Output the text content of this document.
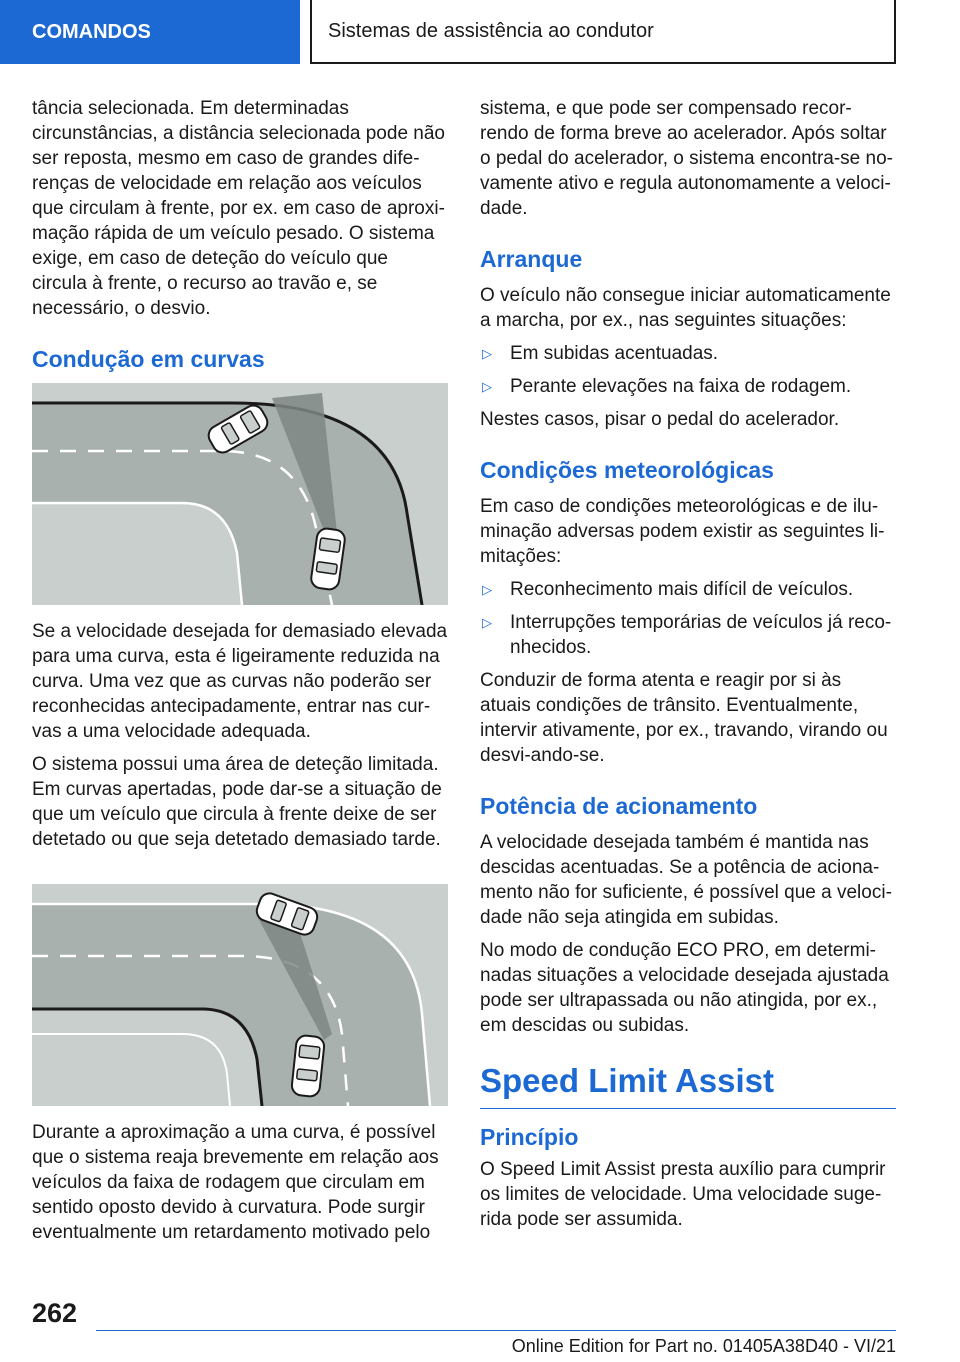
COMANDOS	Sistemas de assistência ao condutor

tância selecionada. Em determinadas circunstâncias, a distância selecionada pode não ser reposta, mesmo em caso de grandes dife-renças de velocidade em relação aos veículos que circulam à frente, por ex. em caso de aproxi-mação rápida de um veículo pesado. O sistema exige, em caso de deteção do veículo que circula à frente, o recurso ao travão e, se necessário, o desvio.

Condução em curvas

Se a velocidade desejada for demasiado elevada para uma curva, esta é ligeiramente reduzida na curva. Uma vez que as curvas não poderão ser reconhecidas antecipadamente, entrar nas cur-vas a uma velocidade adequada.

O sistema possui uma área de deteção limitada. Em curvas apertadas, pode dar-se a situação de que um veículo que circula à frente deixe de ser detetado ou que seja detetado demasiado tarde.

Durante a aproximação a uma curva, é possível que o sistema reaja brevemente em relação aos veículos da faixa de rodagem que circulam em sentido oposto devido à curvatura. Pode surgir eventualmente um retardamento motivado pelo

sistema, e que pode ser compensado recor-rendo de forma breve ao acelerador. Após soltar o pedal do acelerador, o sistema encontra-se no-vamente ativo e regula autonomamente a veloci-dade.

Arranque

O veículo não consegue iniciar automaticamente a marcha, por ex., nas seguintes situações:

▷ Em subidas acentuadas.
▷ Perante elevações na faixa de rodagem.

Nestes casos, pisar o pedal do acelerador.

Condições meteorológicas

Em caso de condições meteorológicas e de ilu-minação adversas podem existir as seguintes li-mitações:

▷ Reconhecimento mais difícil de veículos.
▷ Interrupções temporárias de veículos já reco-nhecidos.

Conduzir de forma atenta e reagir por si às atuais condições de trânsito. Eventualmente, intervir ativamente, por ex., travando, virando ou desvi-ando-se.

Potência de acionamento

A velocidade desejada também é mantida nas descidas acentuadas. Se a potência de aciona-mento não for suficiente, é possível que a veloci-dade não seja atingida em subidas.

No modo de condução ECO PRO, em determi-nadas situações a velocidade desejada ajustada pode ser ultrapassada ou não atingida, por ex., em descidas ou subidas.

Speed Limit Assist
Princípio

O Speed Limit Assist presta auxílio para cumprir os limites de velocidade. Uma velocidade suge-rida pode ser assumida.

262
Online Edition for Part no. 01405A38D40 - VI/21
